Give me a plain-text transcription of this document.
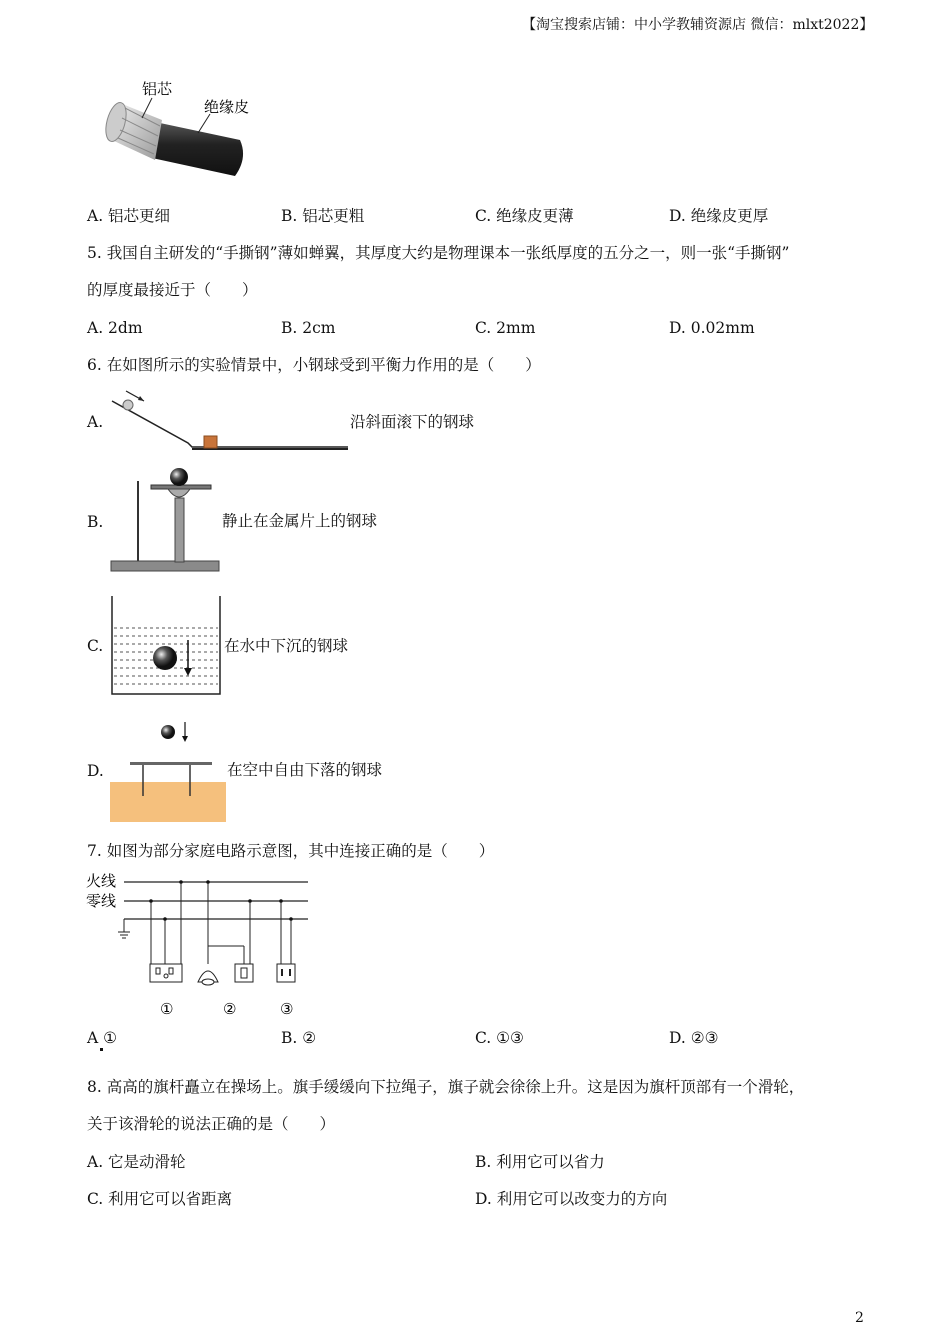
【淘宝搜索店铺：中小学教辅资源店 微信：mlxt2022】
铝芯
绝缘皮
A. 铝芯更细	B. 铝芯更粗	C. 绝缘皮更薄	D. 绝缘皮更厚
5. 我国自主研发的“手撕钢”薄如蝉翼，其厚度大约是物理课本一张纸厚度的五分之一，则一张“手撕钢”
的厚度最接近于（　　）
A. 2dm	B. 2cm	C. 2mm	D. 0.02mm
6. 在如图所示的实验情景中，小钢球受到平衡力作用的是（　　）
A.	沿斜面滚下的钢球
B.	静止在金属片上的钢球
C.	在水中下沉的钢球
D.	在空中自由下落的钢球
7. 如图为部分家庭电路示意图，其中连接正确的是（　　）
火线
零线
①	②	③
A ①	B. ②	C. ①③	D. ②③
8. 高高的旗杆矗立在操场上。旗手缓缓向下拉绳子，旗子就会徐徐上升。这是因为旗杆顶部有一个滑轮，
关于该滑轮的说法正确的是（　　）
A. 它是动滑轮	B. 利用它可以省力
C. 利用它可以省距离	D. 利用它可以改变力的方向
2
